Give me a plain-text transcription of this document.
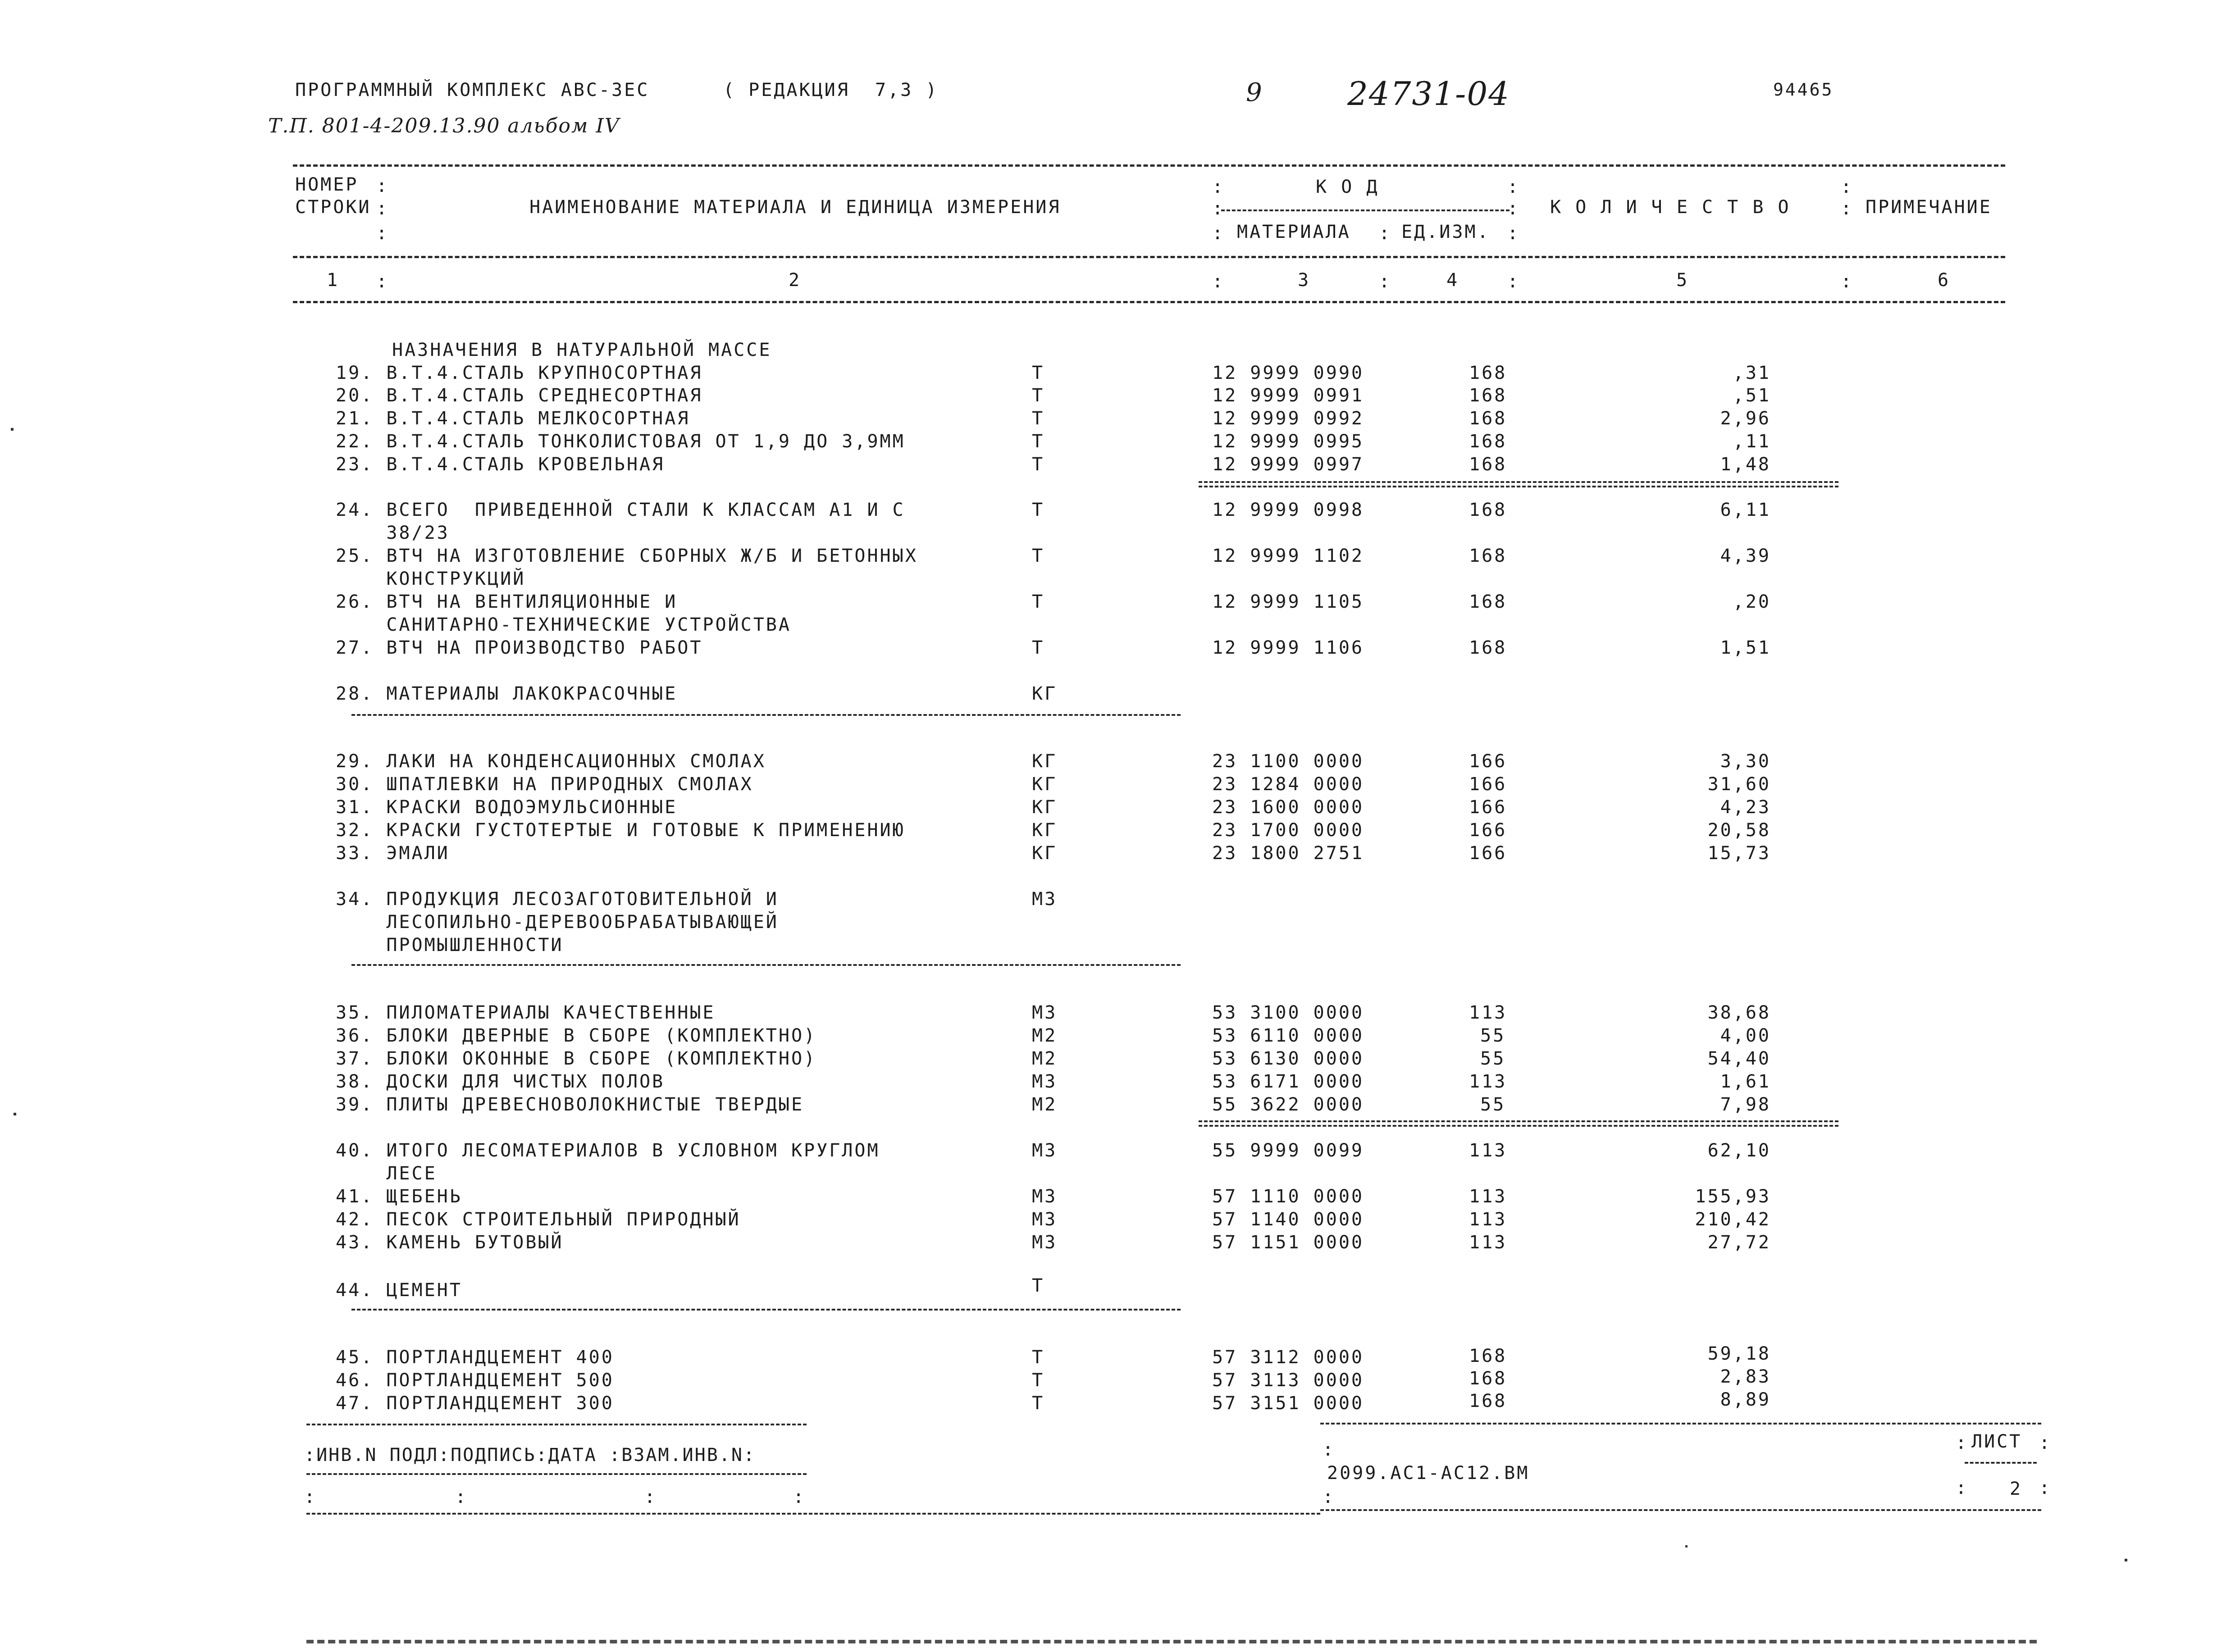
ПРОГРАММНЫЙ КОМПЛЕКС АВС-ЗЕС	( РЕДАКЦИЯ  7,3 )	9	24731-04	94465
Т.П. 801-4-209.13.90 альбом IV
НОМЕР
СТРОКИ	НАИМЕНОВАНИЕ МАТЕРИАЛА И ЕДИНИЦА ИЗМЕРЕНИЯ
К О Д
МАТЕРИАЛА	ЕД.ИЗМ.
К О Л И Ч Е С Т В О	ПРИМЕЧАНИЕ
:
:
:
:
:
:	:
:
:
:
:
:
1	2	3	4	5	6
:	:	:	:	:
НАЗНАЧЕНИЯ В НАТУРАЛЬНОЙ МАССЕ
19. В.Т.4.СТАЛЬ КРУПНОСОРТНАЯ	Т	12 9999 0990	168	,31
20. В.Т.4.СТАЛЬ СРЕДНЕСОРТНАЯ	Т	12 9999 0991	168	,51
21. В.Т.4.СТАЛЬ МЕЛКОСОРТНАЯ	Т	12 9999 0992	168	2,96
22. В.Т.4.СТАЛЬ ТОНКОЛИСТОВАЯ ОТ 1,9 ДО 3,9ММ	Т	12 9999 0995	168	,11
23. В.Т.4.СТАЛЬ КРОВЕЛЬНАЯ	Т	12 9999 0997	168	1,48
24. ВСЕГО  ПРИВЕДЕННОЙ СТАЛИ К КЛАССАМ А1 И С	Т	12 9999 0998	168	6,11
38/23
25. ВТЧ НА ИЗГОТОВЛЕНИЕ СБОРНЫХ Ж/Б И БЕТОННЫХ	Т	12 9999 1102	168	4,39
КОНСТРУКЦИЙ
26. ВТЧ НА ВЕНТИЛЯЦИОННЫЕ И	Т	12 9999 1105	168	,20
САНИТАРНО-ТЕХНИЧЕСКИЕ УСТРОЙСТВА
27. ВТЧ НА ПРОИЗВОДСТВО РАБОТ	Т	12 9999 1106	168	1,51
28. МАТЕРИАЛЫ ЛАКОКРАСОЧНЫЕ	КГ
29. ЛАКИ НА КОНДЕНСАЦИОННЫХ СМОЛАХ	КГ	23 1100 0000	166	3,30
30. ШПАТЛЕВКИ НА ПРИРОДНЫХ СМОЛАХ	КГ	23 1284 0000	166	31,60
31. КРАСКИ ВОДОЭМУЛЬСИОННЫЕ	КГ	23 1600 0000	166	4,23
32. КРАСКИ ГУСТОТЕРТЫЕ И ГОТОВЫЕ К ПРИМЕНЕНИЮ	КГ	23 1700 0000	166	20,58
33. ЭМАЛИ	КГ	23 1800 2751	166	15,73
34. ПРОДУКЦИЯ ЛЕСОЗАГОТОВИТЕЛЬНОЙ И	М3
ЛЕСОПИЛЬНО-ДЕРЕВООБРАБАТЫВАЮЩЕЙ
ПРОМЫШЛЕННОСТИ
35. ПИЛОМАТЕРИАЛЫ КАЧЕСТВЕННЫЕ	М3	53 3100 0000	113	38,68
36. БЛОКИ ДВЕРНЫЕ В СБОРЕ (КОМПЛЕКТНО)	М2	53 6110 0000	55	4,00
37. БЛОКИ ОКОННЫЕ В СБОРЕ (КОМПЛЕКТНО)	М2	53 6130 0000	55	54,40
38. ДОСКИ ДЛЯ ЧИСТЫХ ПОЛОВ	М3	53 6171 0000	113	1,61
39. ПЛИТЫ ДРЕВЕСНОВОЛОКНИСТЫЕ ТВЕРДЫЕ	М2	55 3622 0000	55	7,98
40. ИТОГО ЛЕСОМАТЕРИАЛОВ В УСЛОВНОМ КРУГЛОМ	М3	55 9999 0099	113	62,10
ЛЕСЕ
41. ЩЕБЕНЬ	М3	57 1110 0000	113	155,93
42. ПЕСОК СТРОИТЕЛЬНЫЙ ПРИРОДНЫЙ	М3	57 1140 0000	113	210,42
43. КАМЕНЬ БУТОВЫЙ	М3	57 1151 0000	113	27,72
44. ЦЕМЕНТ	Т
45. ПОРТЛАНДЦЕМЕНТ 400	Т	57 3112 0000	168	59,18
46. ПОРТЛАНДЦЕМЕНТ 500	Т	57 3113 0000	168	2,83
47. ПОРТЛАНДЦЕМЕНТ 300	Т	57 3151 0000	168	8,89
:ИНВ.N ПОДЛ:ПОДПИСЬ:ДАТА :ВЗАМ.ИНВ.N:
:	:	:	:
:
2099.АС1-АС12.ВМ
:
ЛИСТ
:	:
: 2 :
